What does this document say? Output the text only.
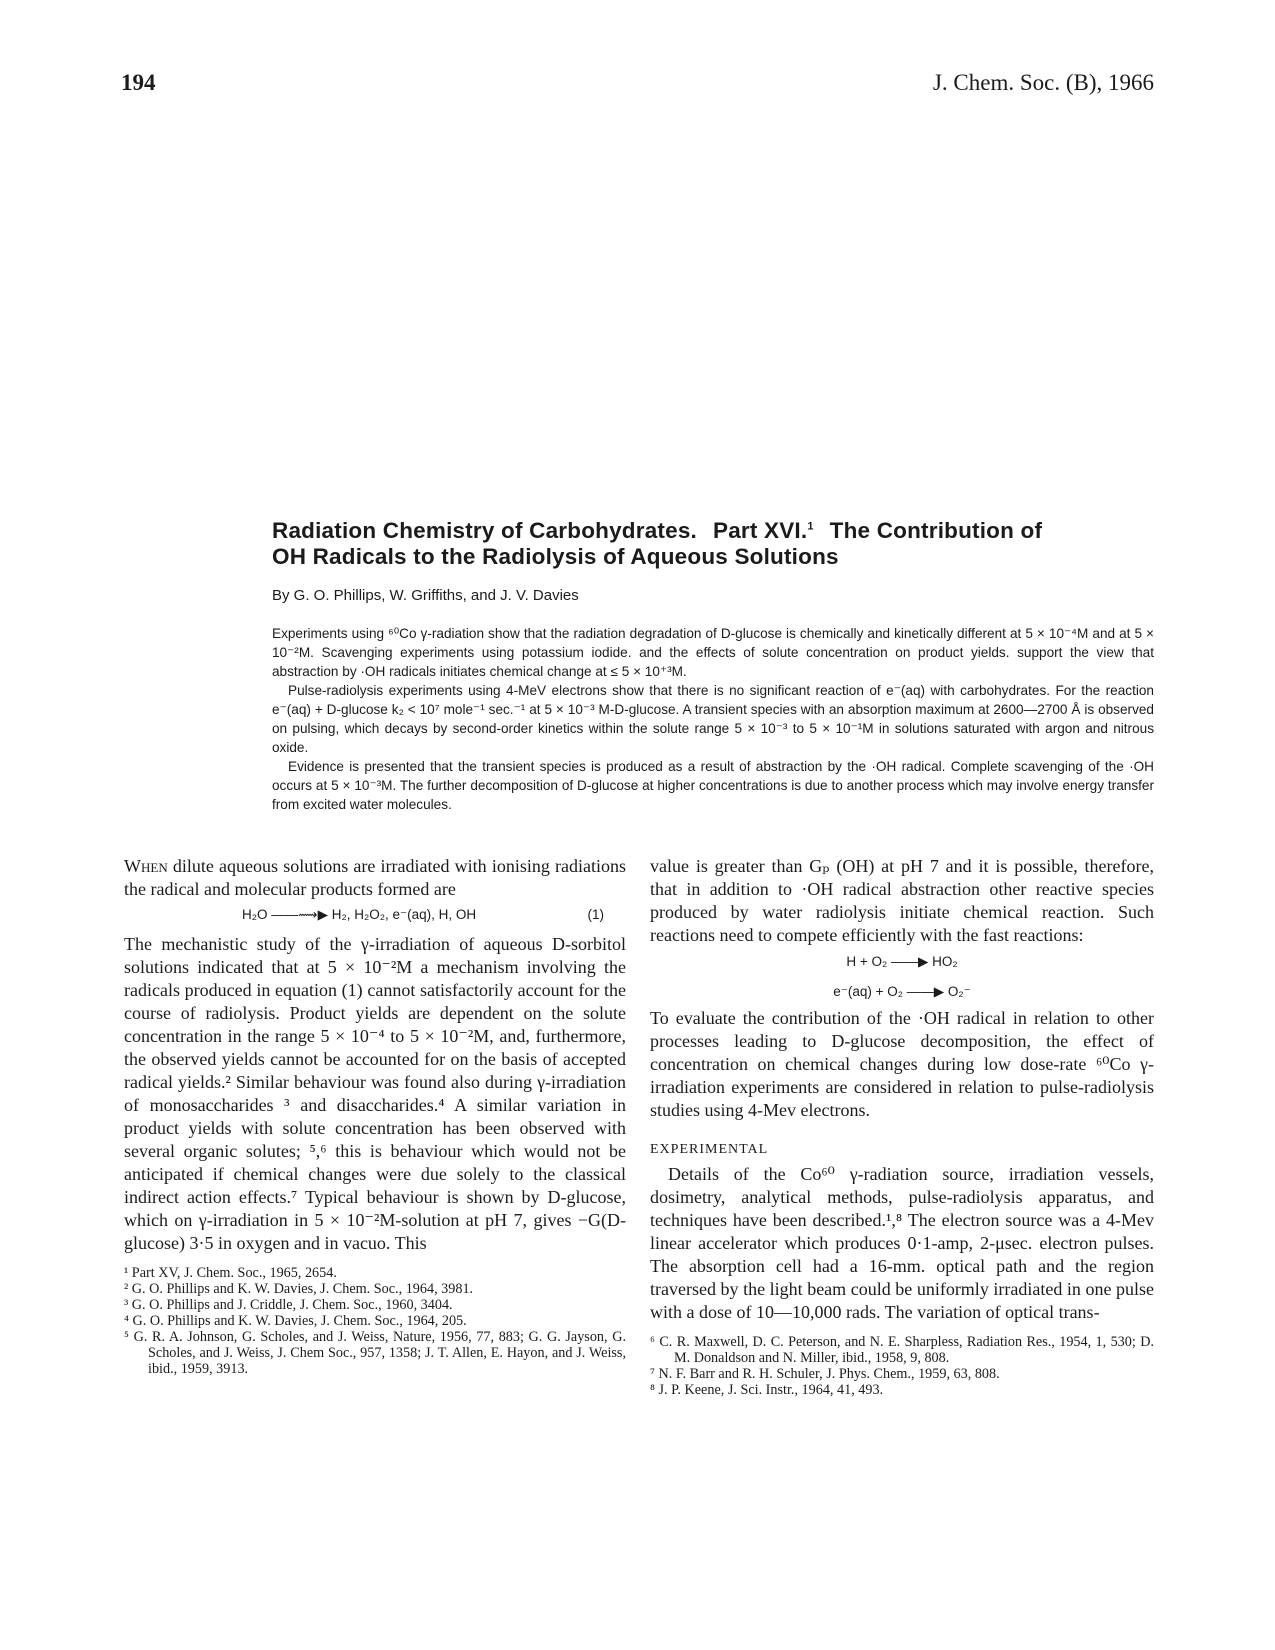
194	J. Chem. Soc. (B), 1966
Radiation Chemistry of Carbohydrates. Part XVI.$^1$ The Contribution of
OH Radicals to the Radiolysis of Aqueous Solutions
By G. O. Phillips, W. Griffiths, and J. V. Davies

Experiments using ⁶⁰Co γ-radiation show that the radiation degradation of D-glucose is chemically and kinetically different at 5 × 10⁻⁴M and at 5 × 10⁻²M. Scavenging experiments using potassium iodide. and the effects of solute concentration on product yields. support the view that abstraction by ·OH radicals initiates chemical change at ≤ 5 × 10⁺³M.

Pulse-radiolysis experiments using 4-MeV electrons show that there is no significant reaction of e⁻(aq) with carbohydrates. For the reaction e⁻(aq) + D-glucose k₂ < 10⁷ mole⁻¹ sec.⁻¹ at 5 × 10⁻³ M-D-glucose. A transient species with an absorption maximum at 2600—2700 Å is observed on pulsing, which decays by second-order kinetics within the solute range 5 × 10⁻³ to 5 × 10⁻¹M in solutions saturated with argon and nitrous oxide.

Evidence is presented that the transient species is produced as a result of abstraction by the ·OH radical. Complete scavenging of the ·OH occurs at 5 × 10⁻³M. The further decomposition of D-glucose at higher concentrations is due to another process which may involve energy transfer from excited water molecules.

When dilute aqueous solutions are irradiated with ionising radiations the radical and molecular products formed are

H₂O ——⟿▶ H₂, H₂O₂, e⁻(aq), H, OH	(1)

The mechanistic study of the γ-irradiation of aqueous D-sorbitol solutions indicated that at 5 × 10⁻²M a mechanism involving the radicals produced in equation (1) cannot satisfactorily account for the course of radiolysis. Product yields are dependent on the solute concentration in the range 5 × 10⁻⁴ to 5 × 10⁻²M, and, furthermore, the observed yields cannot be accounted for on the basis of accepted radical yields.² Similar behaviour was found also during γ-irradiation of monosaccharides ³ and disaccharides.⁴ A similar variation in product yields with solute concentration has been observed with several organic solutes; ⁵,⁶ this is behaviour which would not be anticipated if chemical changes were due solely to the classical indirect action effects.⁷ Typical behaviour is shown by D-glucose, which on γ-irradiation in 5 × 10⁻²M-solution at pH 7, gives −G(D-glucose) 3·5 in oxygen and in vacuo. This

¹ Part XV, J. Chem. Soc., 1965, 2654.
² G. O. Phillips and K. W. Davies, J. Chem. Soc., 1964, 3981.
³ G. O. Phillips and J. Criddle, J. Chem. Soc., 1960, 3404.
⁴ G. O. Phillips and K. W. Davies, J. Chem. Soc., 1964, 205.
⁵ G. R. A. Johnson, G. Scholes, and J. Weiss, Nature, 1956, 77, 883; G. G. Jayson, G. Scholes, and J. Weiss, J. Chem Soc., 957, 1358; J. T. Allen, E. Hayon, and J. Weiss, ibid., 1959, 3913.

value is greater than Gₚ (OH) at pH 7 and it is possible, therefore, that in addition to ·OH radical abstraction other reactive species produced by water radiolysis initiate chemical reaction. Such reactions need to compete efficiently with the fast reactions:

H + O₂ ——▶ HO₂
e⁻(aq) + O₂ ——▶ O₂⁻

To evaluate the contribution of the ·OH radical in relation to other processes leading to D-glucose decomposition, the effect of concentration on chemical changes during low dose-rate ⁶⁰Co γ-irradiation experiments are considered in relation to pulse-radiolysis studies using 4-Mev electrons.

EXPERIMENTAL

Details of the Co⁶⁰ γ-radiation source, irradiation vessels, dosimetry, analytical methods, pulse-radiolysis apparatus, and techniques have been described.¹,⁸ The electron source was a 4-Mev linear accelerator which produces 0·1-amp, 2-μsec. electron pulses. The absorption cell had a 16-mm. optical path and the region traversed by the light beam could be uniformly irradiated in one pulse with a dose of 10—10,000 rads. The variation of optical trans-

⁶ C. R. Maxwell, D. C. Peterson, and N. E. Sharpless, Radiation Res., 1954, 1, 530; D. M. Donaldson and N. Miller, ibid., 1958, 9, 808.
⁷ N. F. Barr and R. H. Schuler, J. Phys. Chem., 1959, 63, 808.
⁸ J. P. Keene, J. Sci. Instr., 1964, 41, 493.
